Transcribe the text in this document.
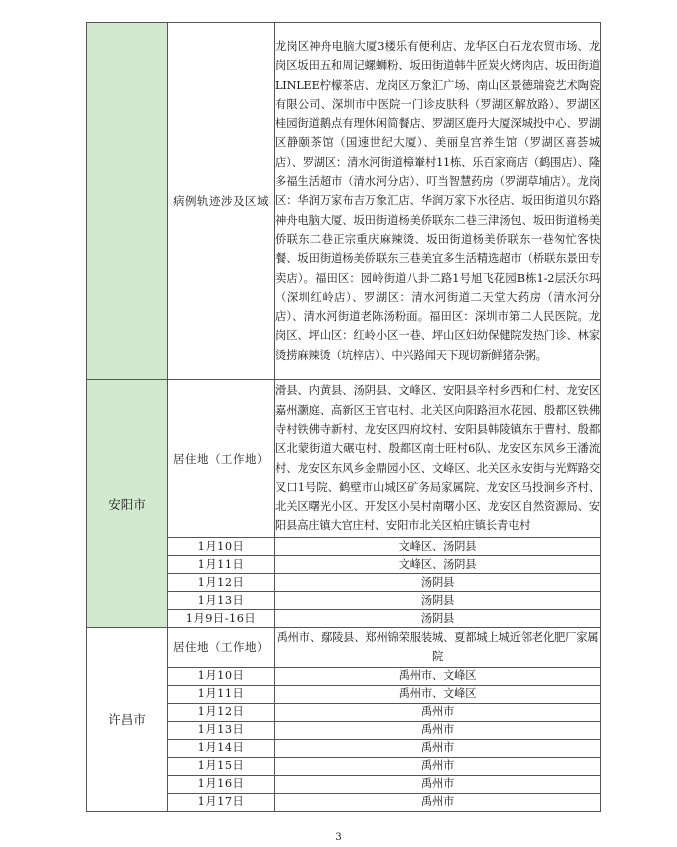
	病例轨迹涉及区域	龙岗区神舟电脑大厦3楼乐有便利店、龙华区白石龙农贸市场、龙岗区坂田五和周记螺蛳粉、坂田街道韩牛匠炭火烤肉店、坂田街道LINLEE柠檬茶店、龙岗区万象汇广场、南山区景德瑞瓷艺术陶瓷有限公司、深圳市中医院一门诊皮肤科（罗湖区解放路）、罗湖区桂园街道鹅点有理休闲简餐店、罗湖区鹿丹大厦深城投中心、罗湖区静颐茶馆（国速世纪大厦）、美丽皇宫养生馆（罗湖区喜荟城店）、罗湖区：清水河街道樟輋村11栋、乐百家商店（鹤围店）、隆多福生活超市（清水河分店）、叮当智慧药房（罗湖草埔店）。龙岗区：华润万家布吉万象汇店、华润万家下水径店、坂田街道贝尔路神舟电脑大厦、坂田街道杨美侨联东二巷三津汤包、坂田街道杨美侨联东二巷正宗重庆麻辣烫、坂田街道杨美侨联东一巷匆忙客快餐、坂田街道杨美侨联东三巷美宜多生活精选超市（桥联东景田专卖店）。福田区：园岭街道八卦二路1号旭飞花园B栋1-2层沃尔玛（深圳红岭店）、罗湖区：清水河街道二天堂大药房（清水河分店）、清水河街道老陈汤粉面。福田区：深圳市第二人民医院。龙岗区、坪山区：红岭小区一巷、坪山区妇幼保健院发热门诊、林家烫捞麻辣烫（坑梓店）、中兴路闻天下现切新鲜猪杂粥。
安阳市	居住地（工作地）	滑县、内黄县、汤阴县、文峰区、安阳县辛村乡西和仁村、龙安区嘉州灏庭、高新区王官屯村、北关区向阳路洹水花园、殷都区铁佛寺村铁佛寺新村、龙安区四府坟村、安阳县韩陵镇东于曹村、殷都区北蒙街道大碾屯村、殷都区南士旺村6队、龙安区东风乡王潘流村、龙安区东风乡金鼎园小区、文峰区、北关区永安街与光辉路交叉口1号院、鹤壁市山城区矿务局家属院、龙安区马投涧乡齐村、北关区曙光小区、开发区小吴村南曙小区、龙安区自然资源局、安阳县高庄镇大官庄村、安阳市北关区柏庄镇长青屯村
	1月10日	文峰区、汤阴县
	1月11日	文峰区、汤阴县
	1月12日	汤阴县
	1月13日	汤阴县
	1月9日-16日	汤阴县
许昌市	居住地（工作地）	禹州市、鄢陵县、郑州锦荣服装城、夏都城上城近邻老化肥厂家属院
	1月10日	禹州市、文峰区
	1月11日	禹州市、文峰区
	1月12日	禹州市
	1月13日	禹州市
	1月14日	禹州市
	1月15日	禹州市
	1月16日	禹州市
	1月17日	禹州市
3
